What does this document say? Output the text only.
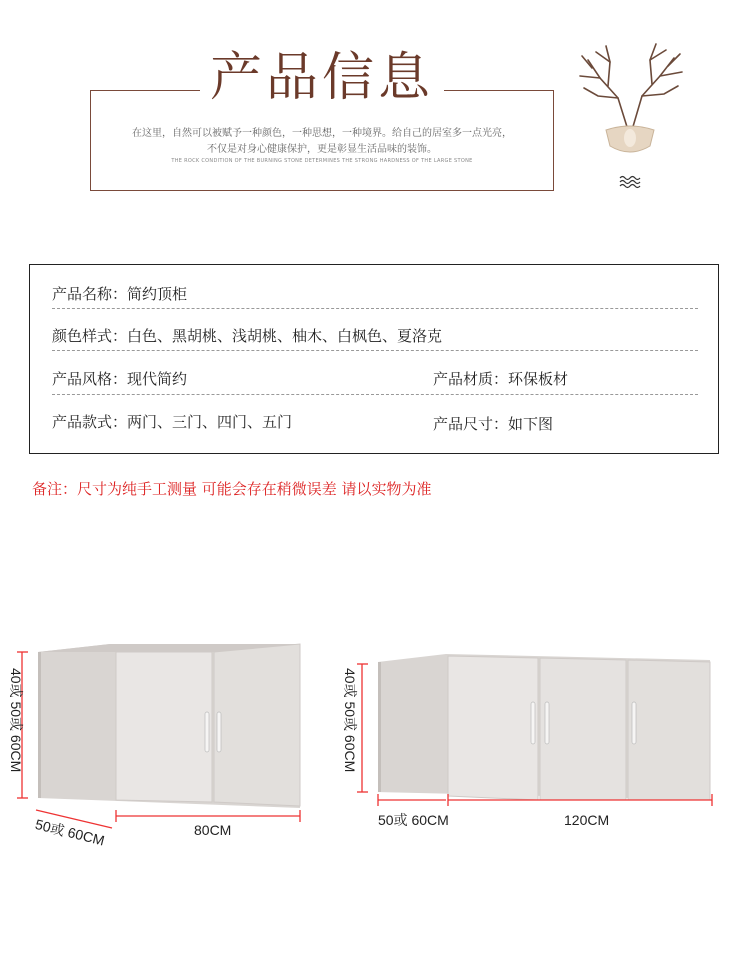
产品信息
在这里，自然可以被赋予一种颜色，一种思想，一种境界。给自己的居室多一点光亮，
不仅是对身心健康保护，更是彰显生活品味的装饰。
THE ROCK CONDITION OF THE BURNING STONE DETERMINES THE STRONG HARDNESS OF THE LARGE STONE
产品名称：简约顶柜
颜色样式：白色、黑胡桃、浅胡桃、柚木、白枫色、夏洛克
产品风格：现代简约	产品材质：环保板材
产品款式：两门、三门、四门、五门	产品尺寸：如下图
备注：尺寸为纯手工测量 可能会存在稍微误差 请以实物为准
40或 50或 60CM
50或 60CM	80CM
40或 50或 60CM
50或 60CM	120CM
